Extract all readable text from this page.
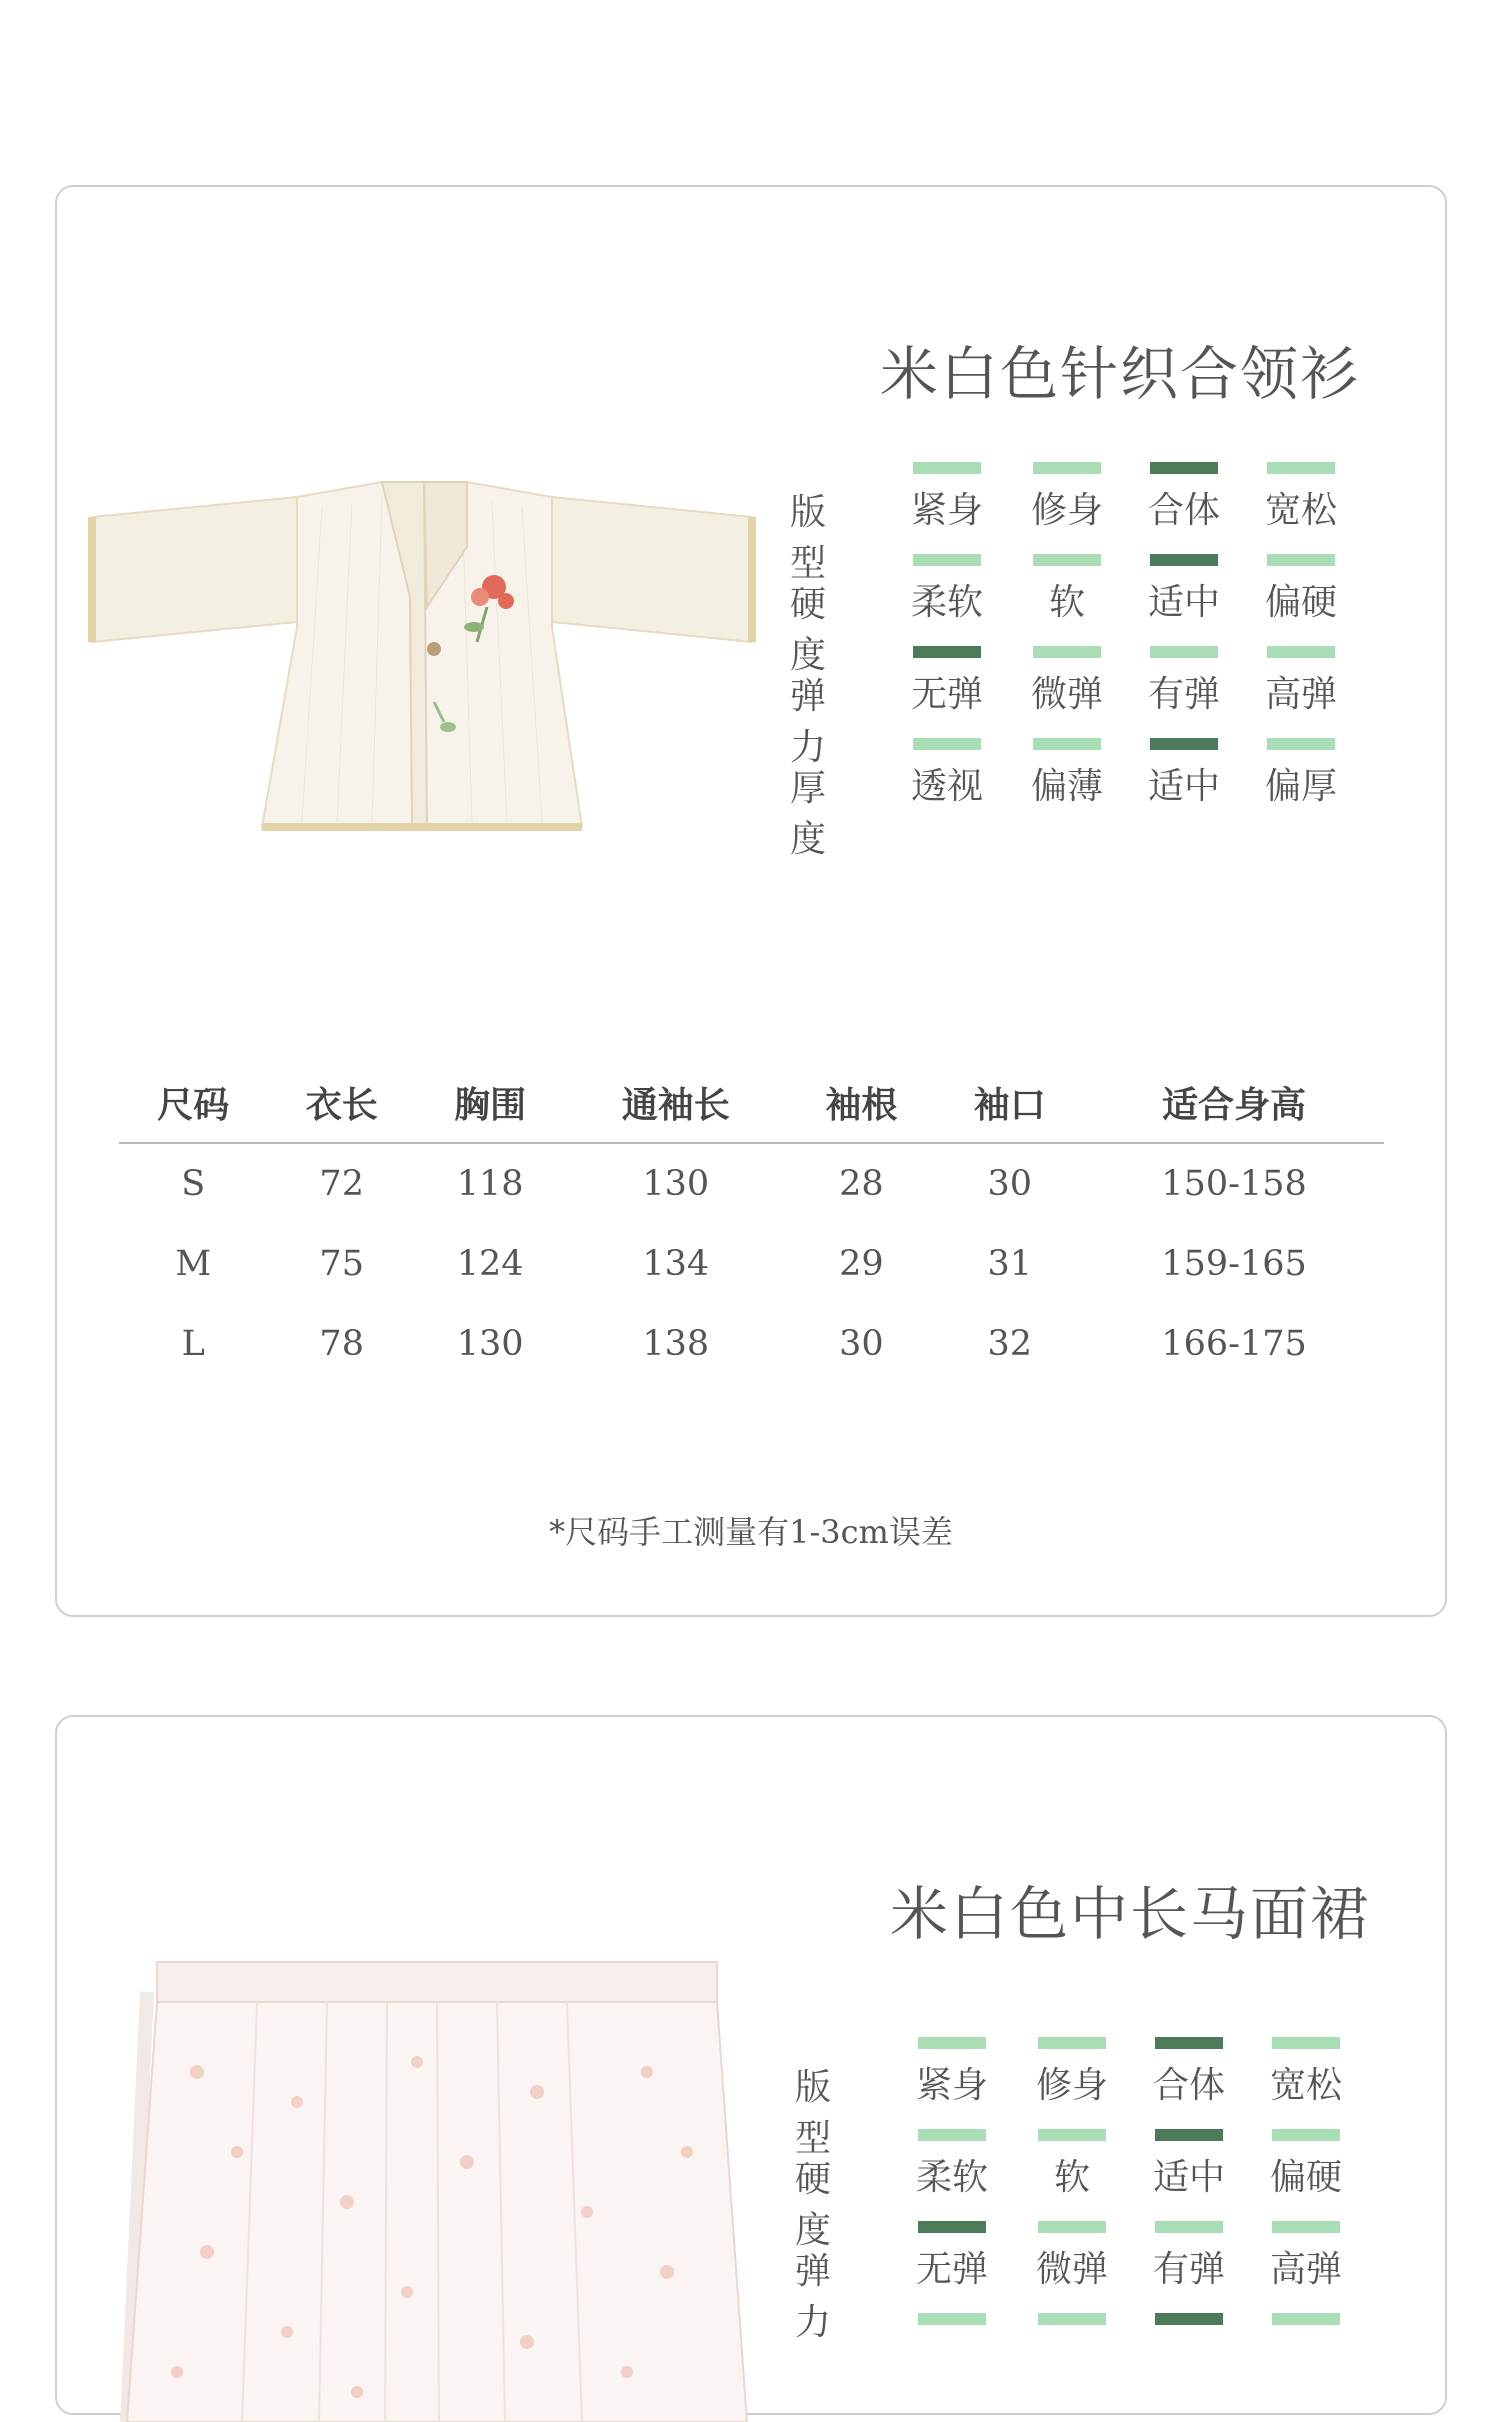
米白色针织合领衫
版型
紧身 修身 合体 宽松
硬度
柔软	软	适中 偏硬
弹力
无弹 微弹 有弹 高弹
厚度
透视 偏薄 适中 偏厚
尺码	衣长	胸围	通袖长	袖根	袖口	适合身高
S	72	118	130	28	30	150-158
M	75	124	134	29	31	159-165
L	78	130	138	30	32	166-175
*尺码手工测量有1-3cm误差
米白色中长马面裙
版型
紧身 修身 合体 宽松
硬度
柔软	软	适中 偏硬
弹力
无弹 微弹 有弹 高弹
